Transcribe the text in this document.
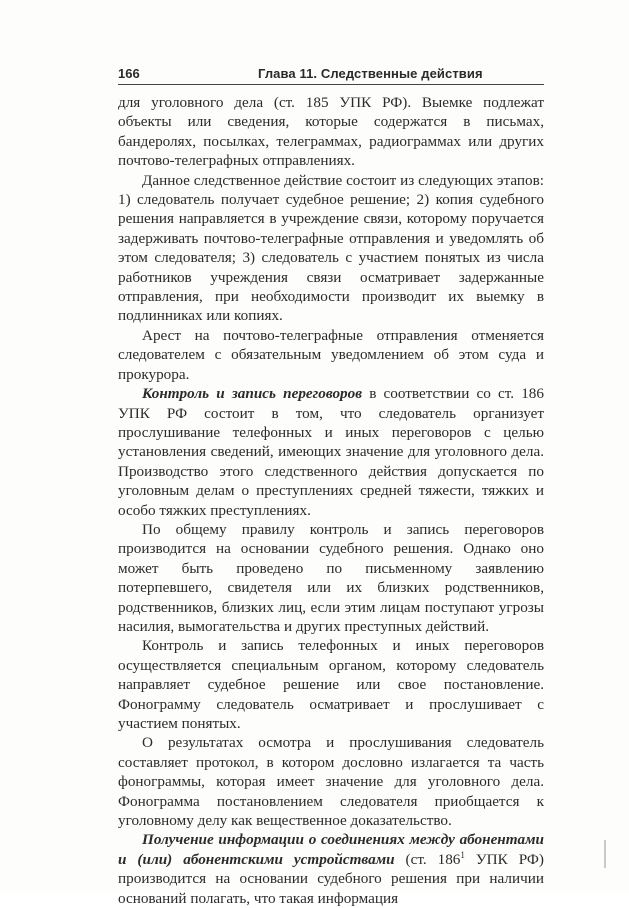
166	Глава 11. Следственные действия

для уголовного дела (ст. 185 УПК РФ). Выемке подлежат объекты или сведения, которые содержатся в письмах, бандеролях, посылках, телеграммах, радиограммах или других почтово-телеграфных отправлениях.

Данное следственное действие состоит из следующих этапов: 1) следователь получает судебное решение; 2) копия судебного решения направляется в учреждение связи, которому поручается задерживать почтово-телеграфные отправления и уведомлять об этом следователя; 3) следователь с участием понятых из числа работников учреждения связи осматривает задержанные отправления, при необходимости производит их выемку в подлинниках или копиях.

Арест на почтово-телеграфные отправления отменяется следователем с обязательным уведомлением об этом суда и прокурора.

Контроль и запись переговоров в соответствии со ст. 186 УПК РФ состоит в том, что следователь организует прослушивание телефонных и иных переговоров с целью установления сведений, имеющих значение для уголовного дела. Производство этого следственного действия допускается по уголовным делам о преступлениях средней тяжести, тяжких и особо тяжких преступлениях.

По общему правилу контроль и запись переговоров производится на основании судебного решения. Однако оно может быть проведено по письменному заявлению потерпевшего, свидетеля или их близких родственников, родственников, близких лиц, если этим лицам поступают угрозы насилия, вымогательства и других преступных действий.

Контроль и запись телефонных и иных переговоров осуществляется специальным органом, которому следователь направляет судебное решение или свое постановление. Фонограмму следователь осматривает и прослушивает с участием понятых.

О результатах осмотра и прослушивания следователь составляет протокол, в котором дословно излагается та часть фонограммы, которая имеет значение для уголовного дела. Фонограмма постановлением следователя приобщается к уголовному делу как вещественное доказательство.

Получение информации о соединениях между абонентами и (или) абонентскими устройствами (ст. $186^1$ УПК РФ) производится на основании судебного решения при наличии оснований полагать, что такая информация
